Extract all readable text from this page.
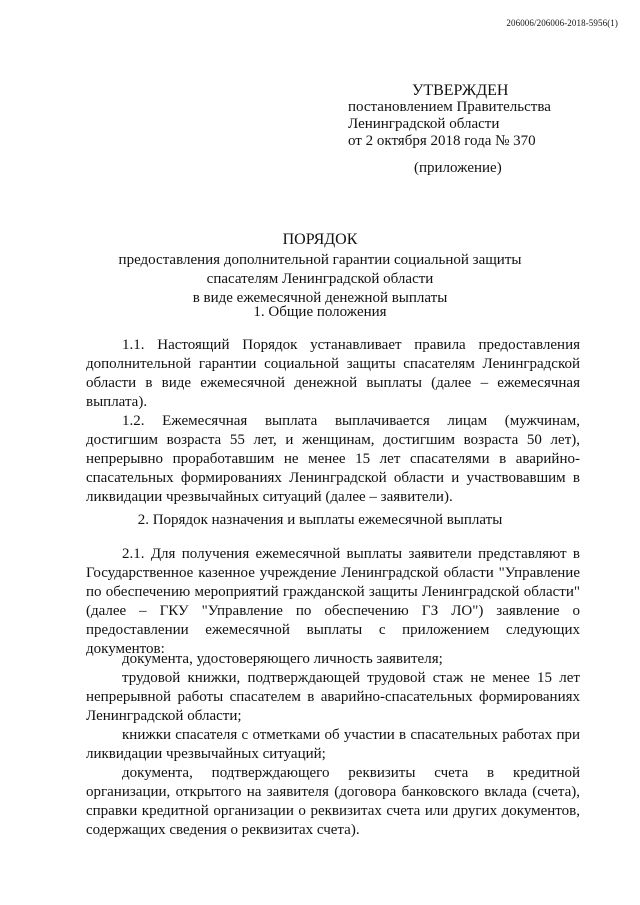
206006/206006-2018-5956(1)
УТВЕРЖДЕН
постановлением Правительства
Ленинградской области
от 2 октября 2018 года № 370
(приложение)
ПОРЯДОК
предоставления дополнительной гарантии социальной защиты
спасателям Ленинградской области
в виде ежемесячной денежной выплаты
1. Общие положения
1.1. Настоящий Порядок устанавливает правила предоставления дополнительной гарантии социальной защиты спасателям Ленинградской области в виде ежемесячной денежной выплаты (далее – ежемесячная выплата).
1.2. Ежемесячная выплата выплачивается лицам (мужчинам, достигшим возраста 55 лет, и женщинам, достигшим возраста 50 лет), непрерывно проработавшим не менее 15 лет спасателями в аварийно-спасательных формированиях Ленинградской области и участвовавшим в ликвидации чрезвычайных ситуаций (далее – заявители).
2. Порядок назначения и выплаты ежемесячной выплаты
2.1. Для получения ежемесячной выплаты заявители представляют в Государственное казенное учреждение Ленинградской области "Управление по обеспечению мероприятий гражданской защиты Ленинградской области" (далее – ГКУ "Управление по обеспечению ГЗ ЛО") заявление о предоставлении ежемесячной выплаты с приложением следующих документов:
документа, удостоверяющего личность заявителя;
трудовой книжки, подтверждающей трудовой стаж не менее 15 лет непрерывной работы спасателем в аварийно-спасательных формированиях Ленинградской области;
книжки спасателя с отметками об участии в спасательных работах при ликвидации чрезвычайных ситуаций;
документа, подтверждающего реквизиты счета в кредитной организации, открытого на заявителя (договора банковского вклада (счета), справки кредитной организации о реквизитах счета или других документов, содержащих сведения о реквизитах счета).
